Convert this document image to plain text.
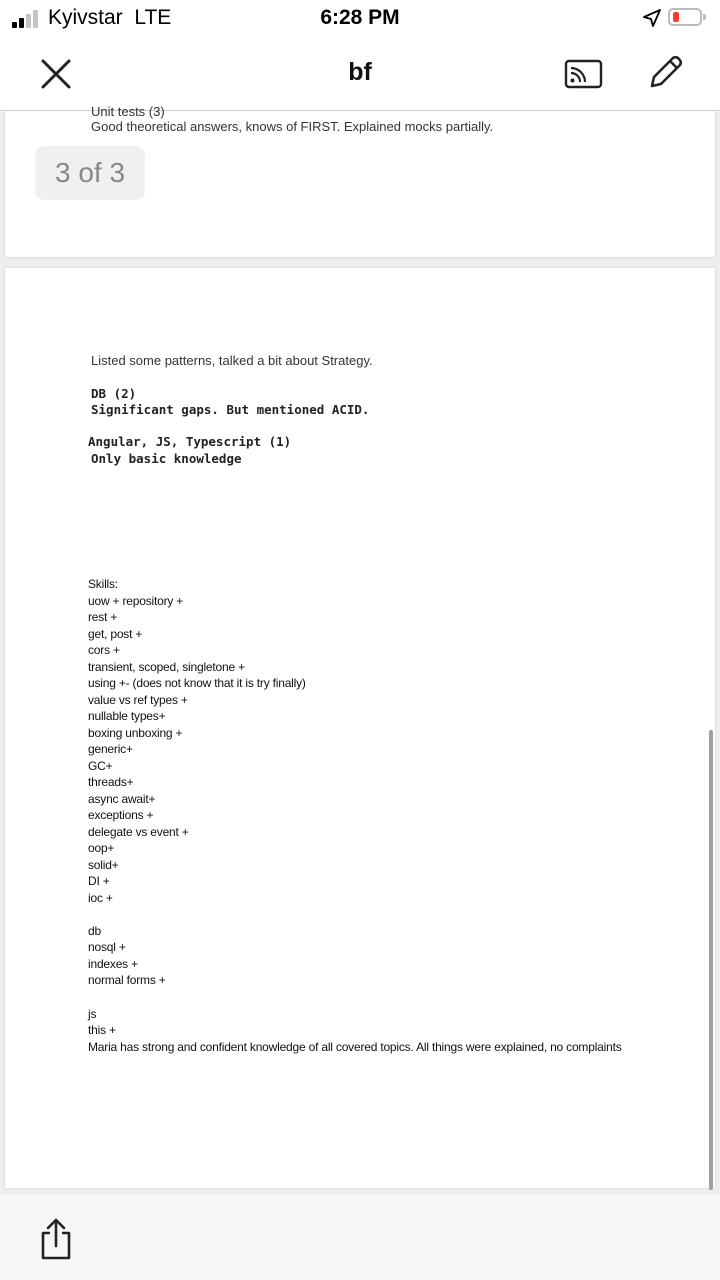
Kyivstar LTE	6:28 PM
bf
Unit tests (3)
Good theoretical answers, knows of FIRST. Explained mocks partially.
3 of 3
Listed some patterns, talked a bit about Strategy.
DB (2)
Significant gaps. But mentioned ACID.
Angular, JS, Typescript (1)
Only basic knowledge
Skills:
uow + repository +
rest +
get, post +
cors +
transient, scoped, singletone +
using +- (does not know that it is try finally)
value vs ref types +
nullable types+
boxing unboxing +
generic+
GC+
threads+
async await+
exceptions +
delegate vs event +
oop+
solid+
DI +
ioc +
db
nosql +
indexes +
normal forms +
js
this +
Maria has strong and confident knowledge of all covered topics. All things were explained, no complaints
